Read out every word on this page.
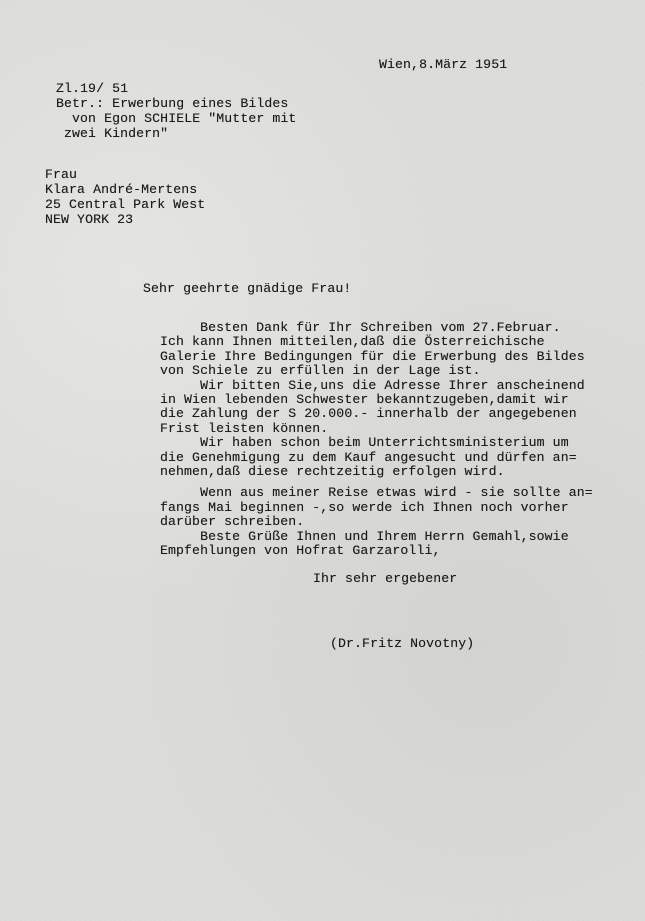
Wien,8.März 1951
Zl.19/ 51
Betr.: Erwerbung eines Bildes
von Egon SCHIELE "Mutter mit
zwei Kindern"
Frau
Klara André-Mertens
25 Central Park West
NEW YORK 23
Sehr geehrte gnädige Frau!
Besten Dank für Ihr Schreiben vom 27.Februar.
Ich kann Ihnen mitteilen,daß die Österreichische
Galerie Ihre Bedingungen für die Erwerbung des Bildes
von Schiele zu erfüllen in der Lage ist.
Wir bitten Sie,uns die Adresse Ihrer anscheinend
in Wien lebenden Schwester bekanntzugeben,damit wir
die Zahlung der S 20.000.- innerhalb der angegebenen
Frist leisten können.
Wir haben schon beim Unterrichtsministerium um
die Genehmigung zu dem Kauf angesucht und dürfen an=
nehmen,daß diese rechtzeitig erfolgen wird.
Wenn aus meiner Reise etwas wird - sie sollte an=
fangs Mai beginnen -,so werde ich Ihnen noch vorher
darüber schreiben.
Beste Grüße Ihnen und Ihrem Herrn Gemahl,sowie
Empfehlungen von Hofrat Garzarolli,
Ihr sehr ergebener
(Dr.Fritz Novotny)
